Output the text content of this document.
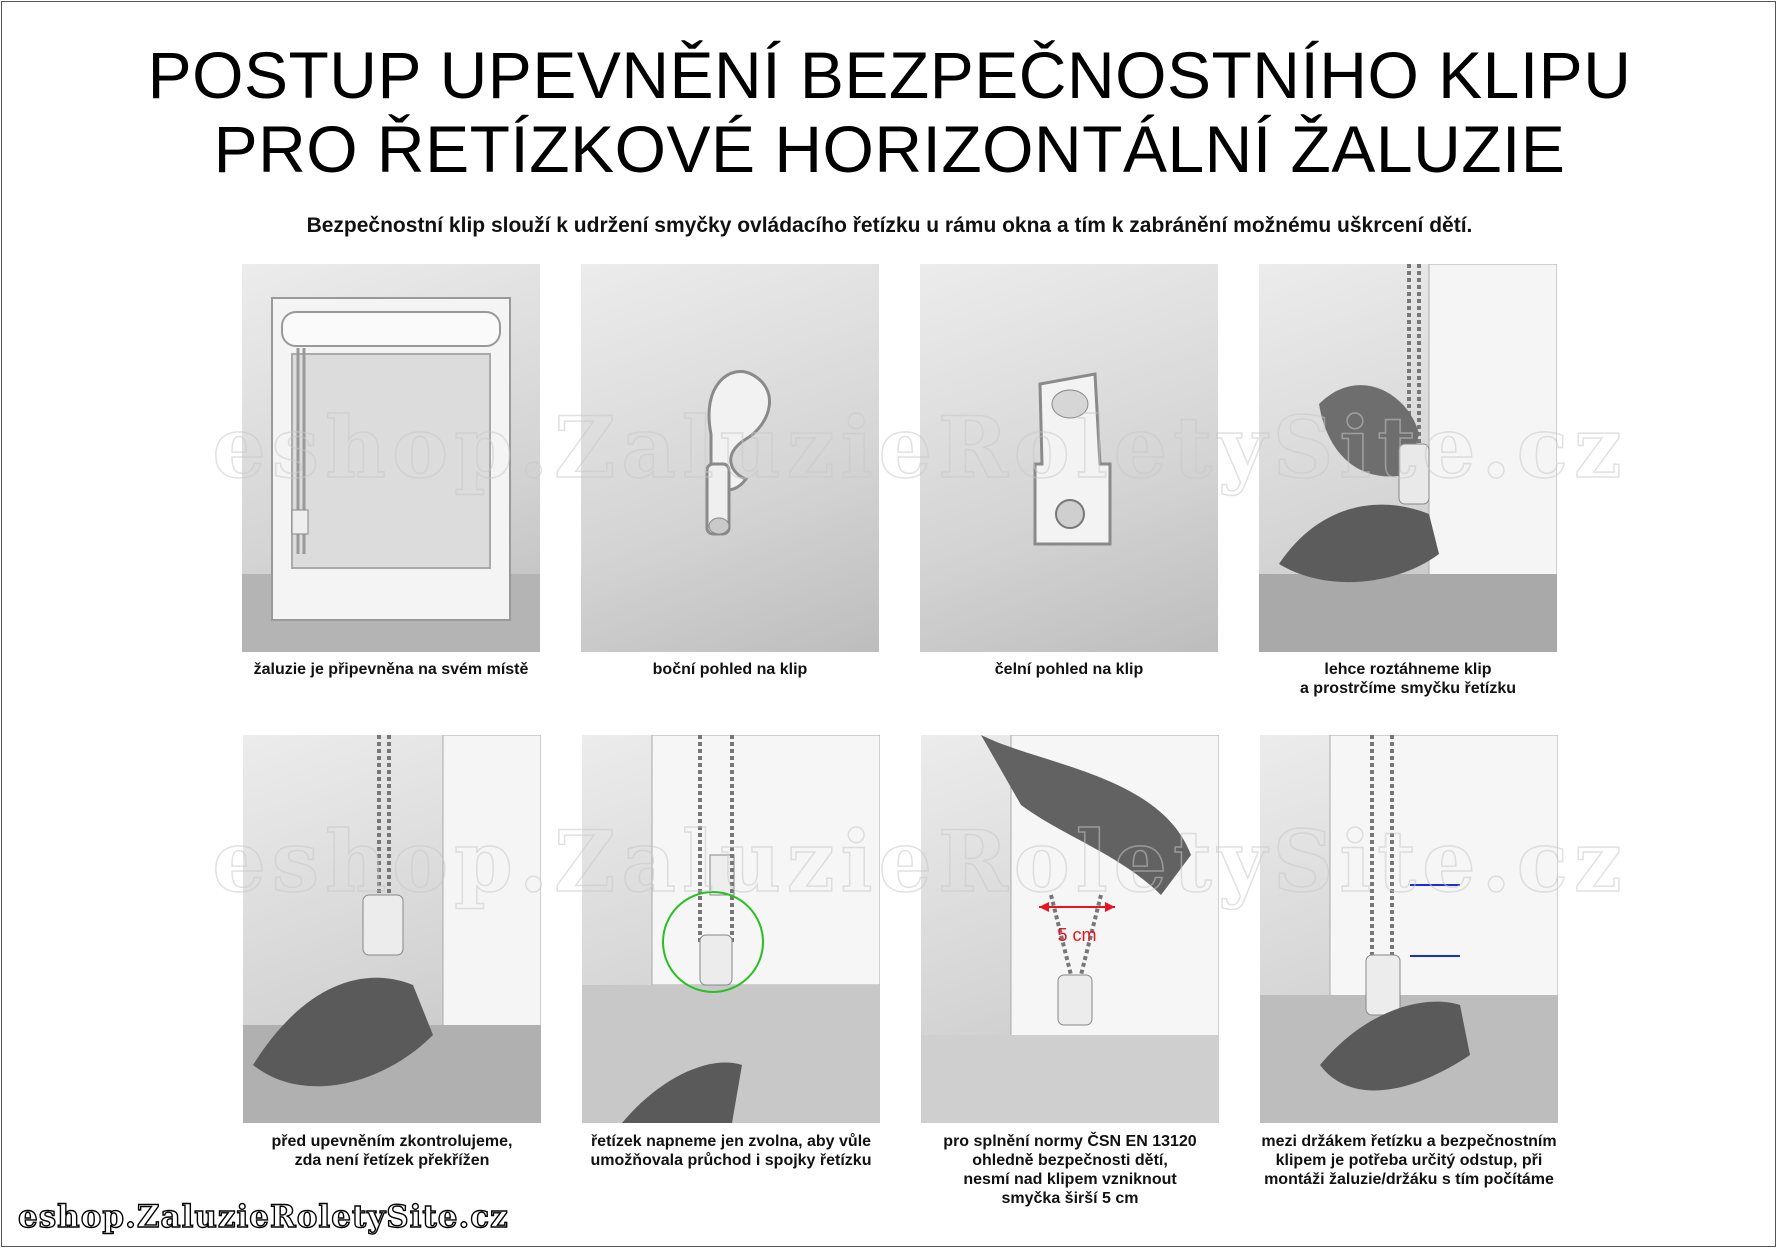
POSTUP UPEVNĚNÍ BEZPEČNOSTNÍHO KLIPU
PRO ŘETÍZKOVÉ HORIZONTÁLNÍ ŽALUZIE
Bezpečnostní klip slouží k udržení smyčky ovládacího řetízku u rámu okna a tím k zabránění možnému uškrcení dětí.
žaluzie je připevněna na svém místě	boční pohled na klip	čelní pohled na klip	lehce roztáhneme klip
a prostrčíme smyčku řetízku
5 cm
před upevněním zkontrolujeme,
zda není řetízek překřížen
řetízek napneme jen zvolna, aby vůle
umožňovala průchod i spojky řetízku
pro splnění normy ČSN EN 13120
ohledně bezpečnosti dětí,
nesmí nad klipem vzniknout
smyčka širší 5 cm
mezi držákem řetízku a bezpečnostním
klipem je potřeba určitý odstup, při
montáži žaluzie/držáku s tím počítáme
eshop.ZaluzieRoletySite.cz
eshop.ZaluzieRoletySite.cz
